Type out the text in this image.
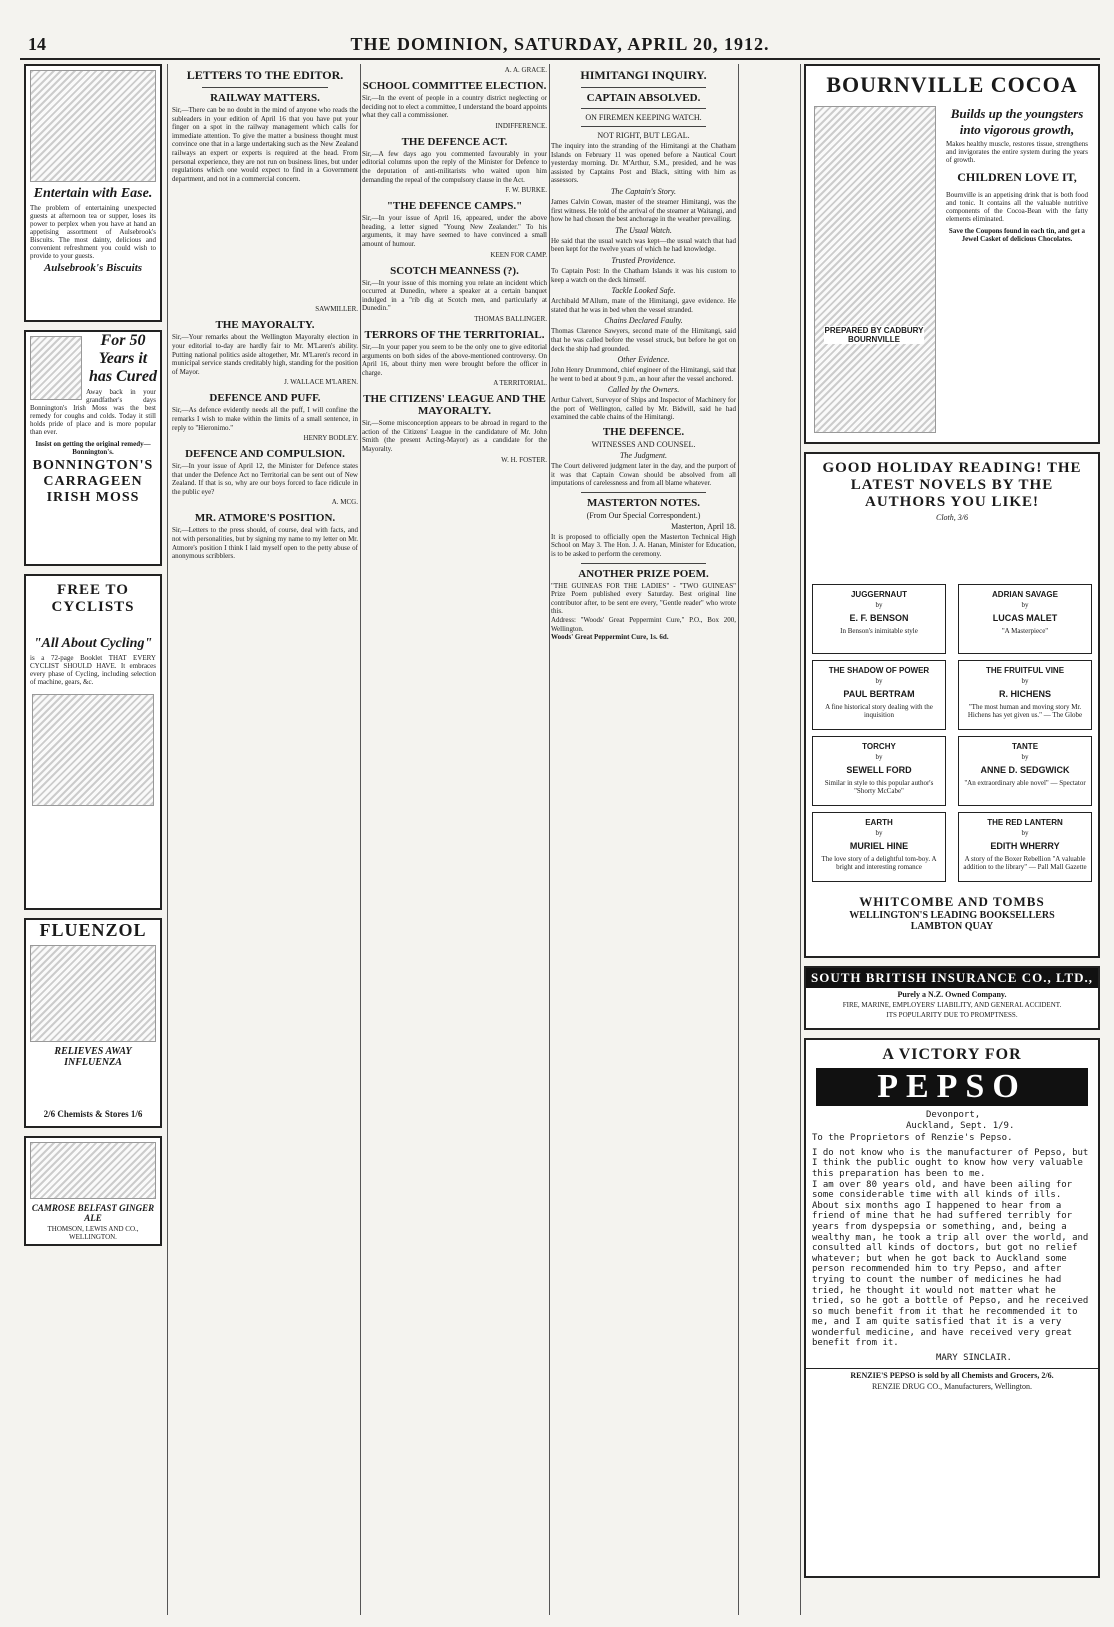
14	THE DOMINION, SATURDAY, APRIL 20, 1912.
Entertain with Ease.
The problem of entertaining unexpected guests at afternoon tea or supper, loses its power to perplex when you have at hand an appetising assortment of Aulsebrook's Biscuits. The most dainty, delicious and convenient refreshment you could wish to provide to your guests.
Aulsebrook's Biscuits
For 50 Years it has Cured
Away back in your grandfather's days Bonnington's Irish Moss was the best remedy for coughs and colds. Today it still holds pride of place and is more popular than ever.
Insist on getting the original remedy—Bonnington's.
BONNINGTON'S CARRAGEEN IRISH MOSS
FREE TO CYCLISTS
"All About Cycling"
is a 72-page Booklet THAT EVERY CYCLIST SHOULD HAVE. It embraces every phase of Cycling, including selection of machine, gears, &c.
FLUENZOL
RELIEVES AWAY INFLUENZA
2/6 Chemists & Stores 1/6
CAMROSE BELFAST GINGER ALE
THOMSON, LEWIS AND CO., WELLINGTON.
LETTERS TO THE EDITOR.
RAILWAY MATTERS.

Sir,—There can be no doubt in the mind of anyone who reads the subleaders in your edition of April 16 that you have put your finger on a spot in the railway management which calls for immediate attention. To give the matter a business thought must convince one that in a large undertaking such as the New Zealand railways an expert or experts is required at the head. From personal experience, they are not run on business lines, but under regulations which one would expect to find in a Government department, and not in a commercial concern.

SAWMILLER.
THE MAYORALTY.

Sir,—Your remarks about the Wellington Mayoralty election in your editorial to-day are hardly fair to Mr. M'Laren's ability. Putting national politics aside altogether, Mr. M'Laren's record in municipal service stands creditably high, standing for the position of Mayor.

J. WALLACE M'LAREN.
DEFENCE AND PUFF.

Sir,—As defence evidently needs all the puff, I will confine the remarks I wish to make within the limits of a small sentence, in reply to "Hieronimo."

HENRY BODLEY.
DEFENCE AND COMPULSION.

Sir,—In your issue of April 12, the Minister for Defence states that under the Defence Act no Territorial can be sent out of New Zealand. If that is so, why are our boys forced to face ridicule in the public eye?

A. MCG.
MR. ATMORE'S POSITION.

Sir,—Letters to the press should, of course, deal with facts, and not with personalities, but by signing my name to my letter on Mr. Atmore's position I think I laid myself open to the petty abuse of anonymous scribblers.

A. A. GRACE.
SCHOOL COMMITTEE ELECTION.

Sir,—In the event of people in a country district neglecting or deciding not to elect a committee, I understand the board appoints what they call a commissioner.

INDIFFERENCE.
THE DEFENCE ACT.

Sir,—A few days ago you commented favourably in your editorial columns upon the reply of the Minister for Defence to the deputation of anti-militarists who waited upon him demanding the repeal of the compulsory clause in the Act.

F. W. BURKE.
"THE DEFENCE CAMPS."

Sir,—In your issue of April 16, appeared, under the above heading, a letter signed "Young New Zealander." To his arguments, it may have seemed to have convinced a small amount of humour.

KEEN FOR CAMP.
SCOTCH MEANNESS (?).

Sir,—In your issue of this morning you relate an incident which occurred at Dunedin, where a speaker at a certain banquet indulged in a "rib dig at Scotch men, and particularly at Dunedin."

THOMAS BALLINGER.
TERRORS OF THE TERRITORIAL.

Sir,—In your paper you seem to be the only one to give editorial arguments on both sides of the above-mentioned controversy. On April 16, about thirty men were brought before the officer in charge.

A TERRITORIAL.
THE CITIZENS' LEAGUE AND THE MAYORALTY.

Sir,—Some misconception appears to be abroad in regard to the action of the Citizens' League in the candidature of Mr. John Smith (the present Acting-Mayor) as a candidate for the Mayoralty.

W. H. FOSTER.
HIMITANGI INQUIRY.
CAPTAIN ABSOLVED.
ON FIREMEN KEEPING WATCH.
NOT RIGHT, BUT LEGAL.

The inquiry into the stranding of the Himitangi at the Chatham Islands on February 11 was opened before a Nautical Court yesterday morning. Dr. M'Arthur, S.M., presided, and he was assisted by Captains Post and Black, sitting with him as assessors.

The Captain's Story.

James Calvin Cowan, master of the steamer Himitangi, was the first witness. He told of the arrival of the steamer at Waitangi, and how he had chosen the best anchorage in the weather prevailing.

The Usual Watch.

He said that the usual watch was kept—the usual watch that had been kept for the twelve years of which he had knowledge.

Trusted Providence.

To Captain Post: In the Chatham Islands it was his custom to keep a watch on the deck himself.

Tackle Looked Safe.

Archibald M'Allum, mate of the Himitangi, gave evidence. He stated that he was in bed when the vessel stranded.

Chains Declared Faulty.

Thomas Clarence Sawyers, second mate of the Himitangi, said that he was called before the vessel struck, but before he got on deck the ship had grounded.

Other Evidence.

John Henry Drummond, chief engineer of the Himitangi, said that he went to bed at about 9 p.m., an hour after the vessel anchored.

Called by the Owners.

Arthur Calvert, Surveyor of Ships and Inspector of Machinery for the port of Wellington, called by Mr. Bidwill, said he had examined the cable chains of the Himitangi.

THE DEFENCE.
WITNESSES AND COUNSEL.
The Judgment.

The Court delivered judgment later in the day, and the purport of it was that Captain Cowan should be absolved from all imputations of carelessness and from all blame whatever.

MASTERTON NOTES.
(From Our Special Correspondent.)
Masterton, April 18.

It is proposed to officially open the Masterton Technical High School on May 3. The Hon. J. A. Hanan, Minister for Education, is to be asked to perform the ceremony.

ANOTHER PRIZE POEM.

"THE GUINEAS FOR THE LADIES" - "TWO GUINEAS" Prize Poem published every Saturday. Best original line contributor after, to be sent ere every, "Gentle reader" who wrote this.

Address: "Woods' Great Peppermint Cure," P.O., Box 200, Wellington.

Woods' Great Peppermint Cure, 1s. 6d.

BOURNVILLE COCOA
PREPARED BY CADBURY BOURNVILLE
Builds up the youngsters into vigorous growth,
Makes healthy muscle, restores tissue, strengthens and invigorates the entire system during the years of growth.
CHILDREN LOVE IT,
Bournville is an appetising drink that is both food and tonic. It contains all the valuable nutritive components of the Cocoa-Bean with the fatty elements eliminated.
Save the Coupons found in each tin, and get a Jewel Casket of delicious Chocolates.
GOOD HOLIDAY READING! THE LATEST NOVELS BY THE AUTHORS YOU LIKE!
Cloth, 3/6
JUGGERNAUT
by
E. F. BENSON
In Benson's inimitable style
ADRIAN SAVAGE
by
LUCAS MALET
"A Masterpiece"
THE SHADOW OF POWER
by
PAUL BERTRAM
A fine historical story dealing with the inquisition
THE FRUITFUL VINE
by
R. HICHENS
"The most human and moving story Mr. Hichens has yet given us." — The Globe
TORCHY
by
SEWELL FORD
Similar in style to this popular author's "Shorty McCabe"
TANTE
by
ANNE D. SEDGWICK
"An extraordinary able novel" — Spectator
EARTH
by
MURIEL HINE
The love story of a delightful tom-boy. A bright and interesting romance
THE RED LANTERN
by
EDITH WHERRY
A story of the Boxer Rebellion "A valuable addition to the library" — Pall Mall Gazette
WHITCOMBE AND TOMBS
WELLINGTON'S LEADING BOOKSELLERS
LAMBTON QUAY
SOUTH BRITISH INSURANCE CO., LTD.,
Purely a N.Z. Owned Company.
FIRE, MARINE, EMPLOYERS' LIABILITY, AND GENERAL ACCIDENT.
ITS POPULARITY DUE TO PROMPTNESS.
A VICTORY FOR
PEPSO
Devonport,
Auckland, Sept. 1/9.
To the Proprietors of Renzie's Pepso.
I do not know who is the manufacturer of Pepso, but I think the public ought to know how very valuable this preparation has been to me.
I am over 80 years old, and have been ailing for some considerable time with all kinds of ills. About six months ago I happened to hear from a friend of mine that he had suffered terribly for years from dyspepsia or something, and, being a wealthy man, he took a trip all over the world, and consulted all kinds of doctors, but got no relief whatever; but when he got back to Auckland some person recommended him to try Pepso, and after trying to count the number of medicines he had tried, he thought it would not matter what he tried, so he got a bottle of Pepso, and he received so much benefit from it that he recommended it to me, and I am quite satisfied that it is a very wonderful medicine, and have received very great benefit from it.
MARY SINCLAIR.
RENZIE'S PEPSO is sold by all Chemists and Grocers, 2/6.
RENZIE DRUG CO., Manufacturers, Wellington.
